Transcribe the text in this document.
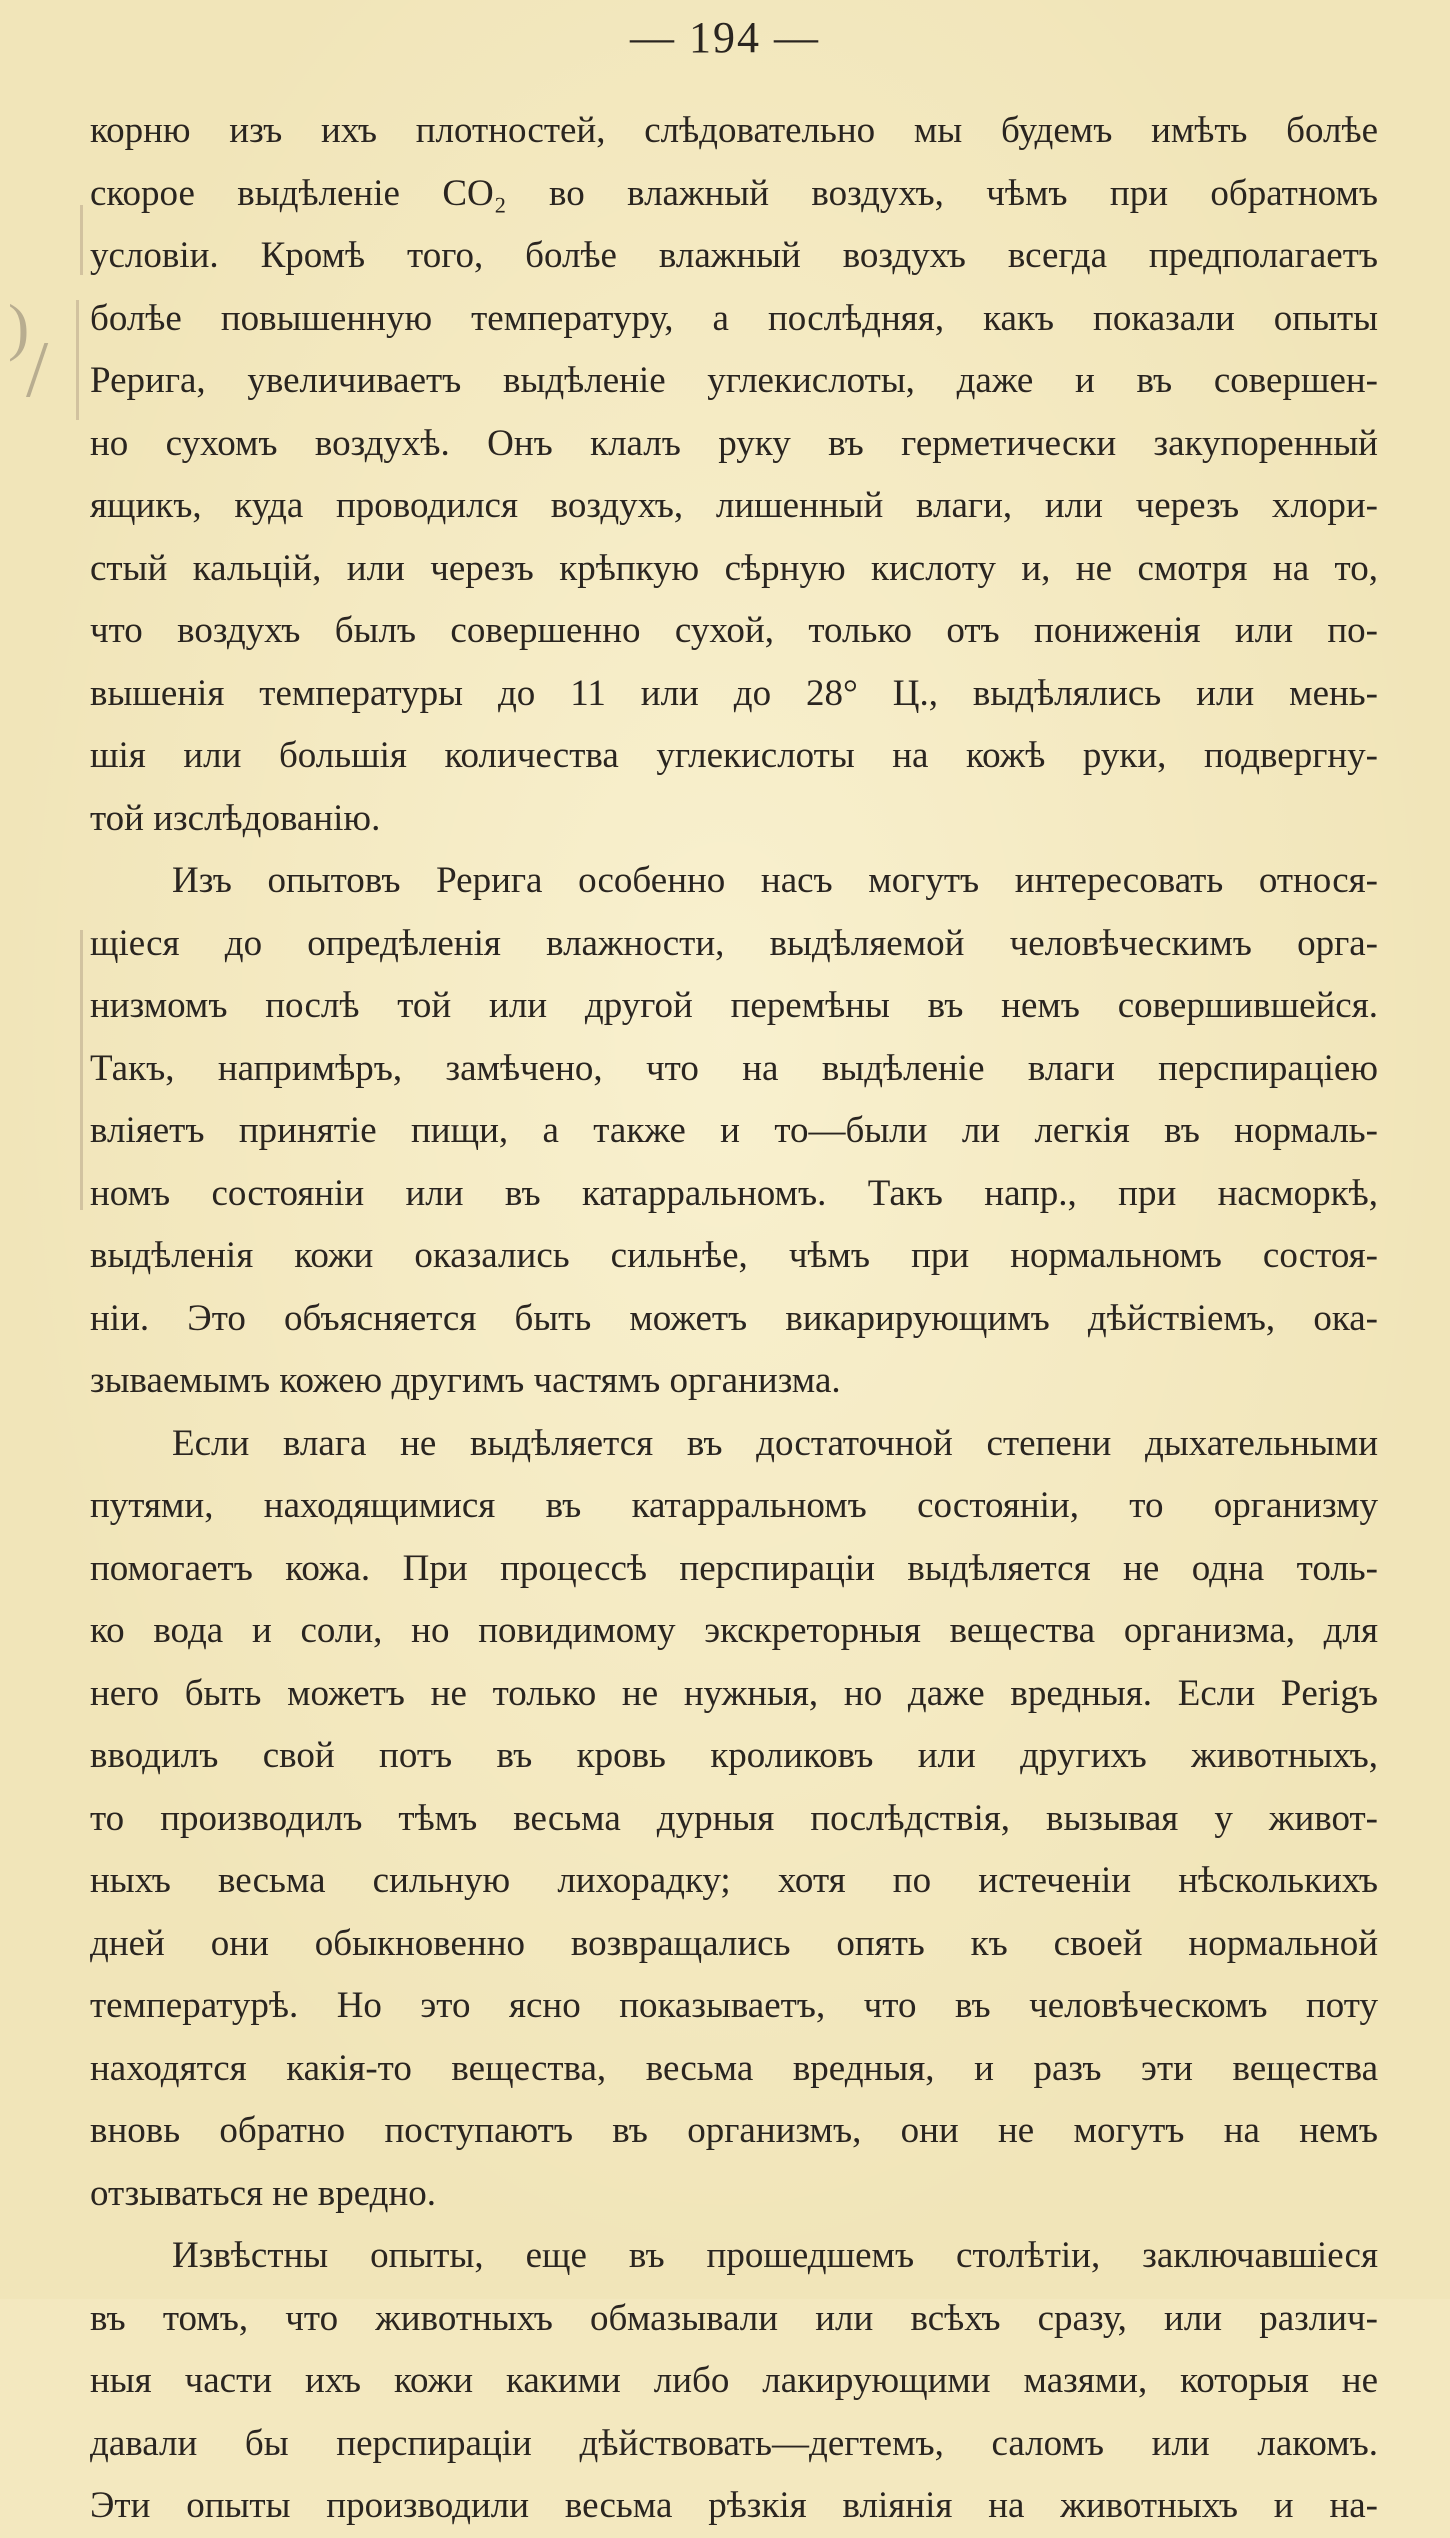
— 194 —
)
/
корню изъ ихъ плотностей, слѣдовательно мы будемъ имѣть болѣе
скорое выдѣленіе CO₂ во влажный воздухъ, чѣмъ при обратномъ
условіи. Кромѣ того, болѣе влажный воздухъ всегда предполагаетъ
болѣе повышенную температуру, а послѣдняя, какъ показали опыты
Рерига, увеличиваетъ выдѣленіе углекислоты, даже и въ совершен-
но сухомъ воздухѣ. Онъ клалъ руку въ герметически закупоренный
ящикъ, куда проводился воздухъ, лишенный влаги, или черезъ хлори-
стый кальцій, или черезъ крѣпкую сѣрную кислоту и, не смотря на то,
что воздухъ былъ совершенно сухой, только отъ пониженія или по-
вышенія температуры до 11 или до 28° Ц., выдѣлялись или мень-
шія или большія количества углекислоты на кожѣ руки, подвергну-
той изслѣдованію.
Изъ опытовъ Рерига особенно насъ могутъ интересовать относя-
щіеся до опредѣленія влажности, выдѣляемой человѣческимъ орга-
низмомъ послѣ той или другой перемѣны въ немъ совершившейся.
Такъ, напримѣръ, замѣчено, что на выдѣленіе влаги перспираціею
вліяетъ принятіе пищи, а также и то—были ли легкія въ нормаль-
номъ состояніи или въ катарральномъ. Такъ напр., при насморкѣ,
выдѣленія кожи оказались сильнѣе, чѣмъ при нормальномъ состоя-
ніи. Это объясняется быть можетъ викарирующимъ дѣйствіемъ, ока-
зываемымъ кожею другимъ частямъ организма.
Если влага не выдѣляется въ достаточной степени дыхательными
путями, находящимися въ катарральномъ состояніи, то организму
помогаетъ кожа. При процессѣ перспираціи выдѣляется не одна толь-
ко вода и соли, но повидимому экскреторныя вещества организма, для
него быть можетъ не только не нужныя, но даже вредныя. Если Рerigъ
вводилъ свой потъ въ кровь кроликовъ или другихъ животныхъ,
то производилъ тѣмъ весьма дурныя послѣдствія, вызывая у живот-
ныхъ весьма сильную лихорадку; хотя по истеченіи нѣсколькихъ
дней они обыкновенно возвращались опять къ своей нормальной
температурѣ. Но это ясно показываетъ, что въ человѣческомъ поту
находятся какія-то вещества, весьма вредныя, и разъ эти вещества
вновь обратно поступаютъ въ организмъ, они не могутъ на немъ
отзываться не вредно.
Извѣстны опыты, еще въ прошедшемъ столѣтіи, заключавшіеся
въ томъ, что животныхъ обмазывали или всѣхъ сразу, или различ-
ныя части ихъ кожи какими либо лакирующими мазями, которыя не
давали бы перспираціи дѣйствовать—дегтемъ, саломъ или лакомъ.
Эти опыты производили весьма рѣзкія вліянія на животныхъ и на-
